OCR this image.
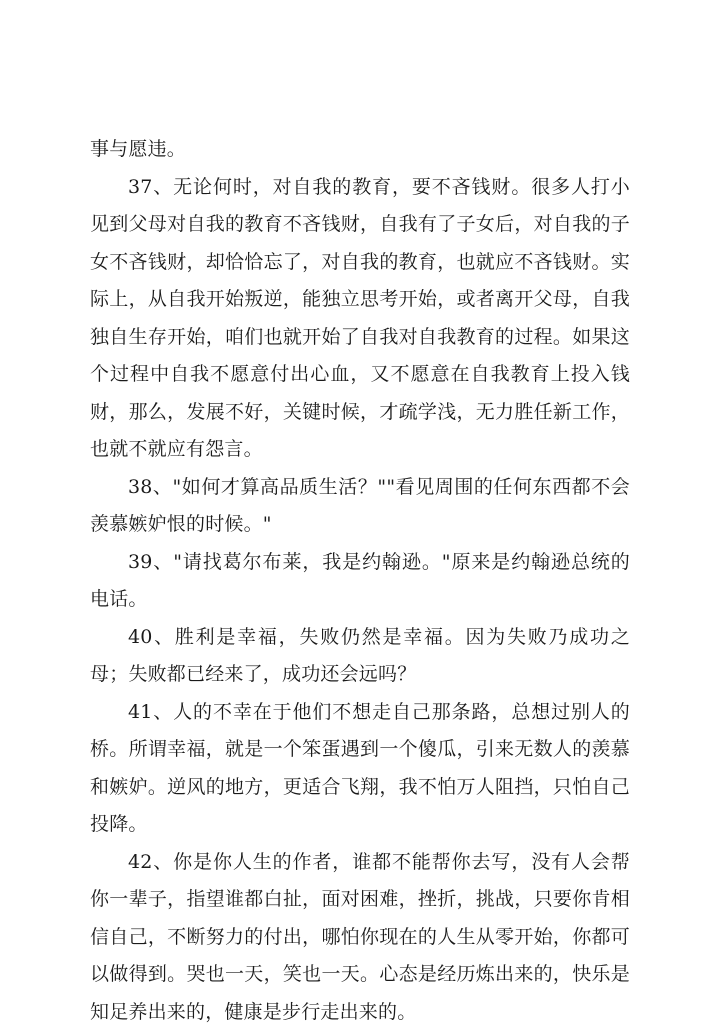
事与愿违。

37、无论何时，对自我的教育，要不吝钱财。很多人打小见到父母对自我的教育不吝钱财，自我有了子女后，对自我的子女不吝钱财，却恰恰忘了，对自我的教育，也就应不吝钱财。实际上，从自我开始叛逆，能独立思考开始，或者离开父母，自我独自生存开始，咱们也就开始了自我对自我教育的过程。如果这个过程中自我不愿意付出心血，又不愿意在自我教育上投入钱财，那么，发展不好，关键时候，才疏学浅，无力胜任新工作，也就不就应有怨言。

38、"如何才算高品质生活？""看见周围的任何东西都不会羡慕嫉妒恨的时候。"

39、"请找葛尔布莱，我是约翰逊。"原来是约翰逊总统的电话。

40、胜利是幸福，失败仍然是幸福。因为失败乃成功之母；失败都已经来了，成功还会远吗？

41、人的不幸在于他们不想走自己那条路，总想过别人的桥。所谓幸福，就是一个笨蛋遇到一个傻瓜，引来无数人的羡慕和嫉妒。逆风的地方，更适合飞翔，我不怕万人阻挡，只怕自己投降。

42、你是你人生的作者，谁都不能帮你去写，没有人会帮你一辈子，指望谁都白扯，面对困难，挫折，挑战，只要你肯相信自己，不断努力的付出，哪怕你现在的人生从零开始，你都可以做得到。哭也一天，笑也一天。心态是经历炼出来的，快乐是知足养出来的，健康是步行走出来的。
